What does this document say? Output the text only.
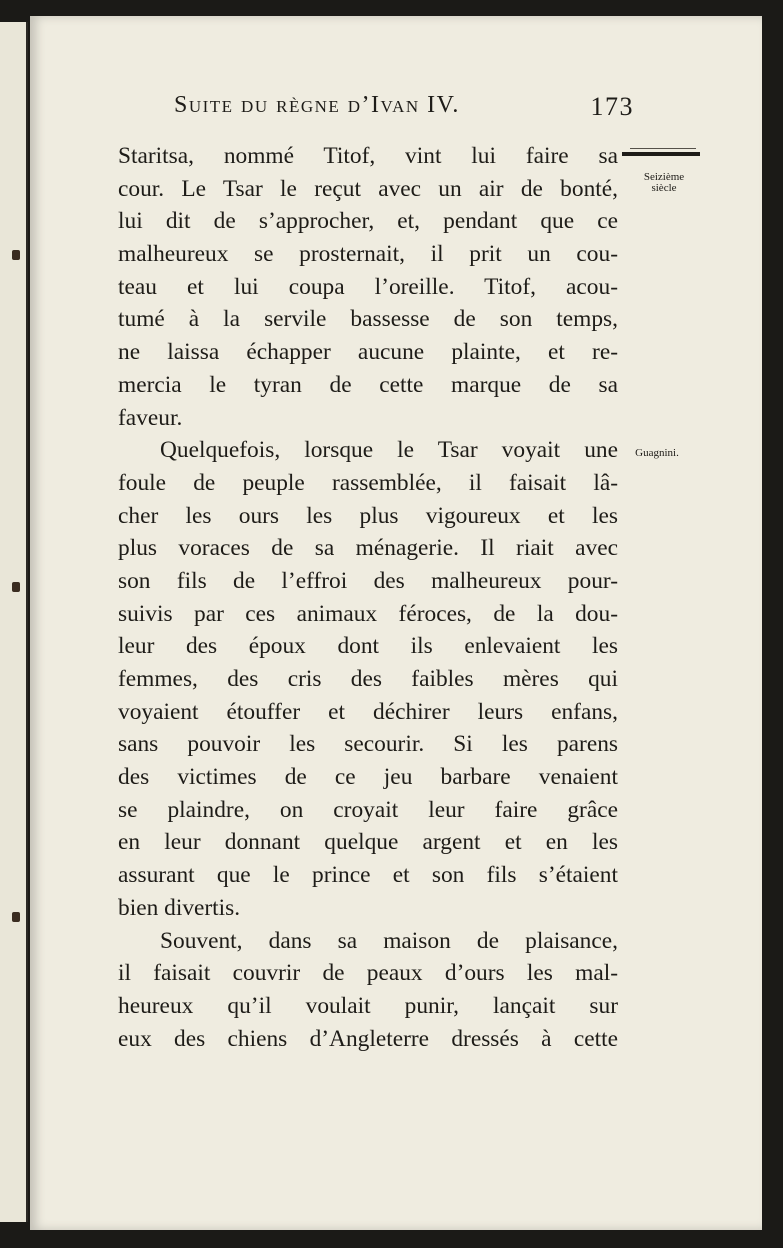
Suite du règne d’Ivan IV.	173
Seizième
siècle
Guagnini.
Staritsa, nommé Titof, vint lui faire sa
cour. Le Tsar le reçut avec un air de bonté,
lui dit de s’approcher, et, pendant que ce
malheureux se prosternait, il prit un cou-
teau et lui coupa l’oreille. Titof, acou-
tumé à la servile bassesse de son temps,
ne laissa échapper aucune plainte, et re-
mercia le tyran de cette marque de sa
faveur.
Quelquefois, lorsque le Tsar voyait une
foule de peuple rassemblée, il faisait lâ-
cher les ours les plus vigoureux et les
plus voraces de sa ménagerie. Il riait avec
son fils de l’effroi des malheureux pour-
suivis par ces animaux féroces, de la dou-
leur des époux dont ils enlevaient les
femmes, des cris des faibles mères qui
voyaient étouffer et déchirer leurs enfans,
sans pouvoir les secourir. Si les parens
des victimes de ce jeu barbare venaient
se plaindre, on croyait leur faire grâce
en leur donnant quelque argent et en les
assurant que le prince et son fils s’étaient
bien divertis.
Souvent, dans sa maison de plaisance,
il faisait couvrir de peaux d’ours les mal-
heureux qu’il voulait punir, lançait sur
eux des chiens d’Angleterre dressés à cette
